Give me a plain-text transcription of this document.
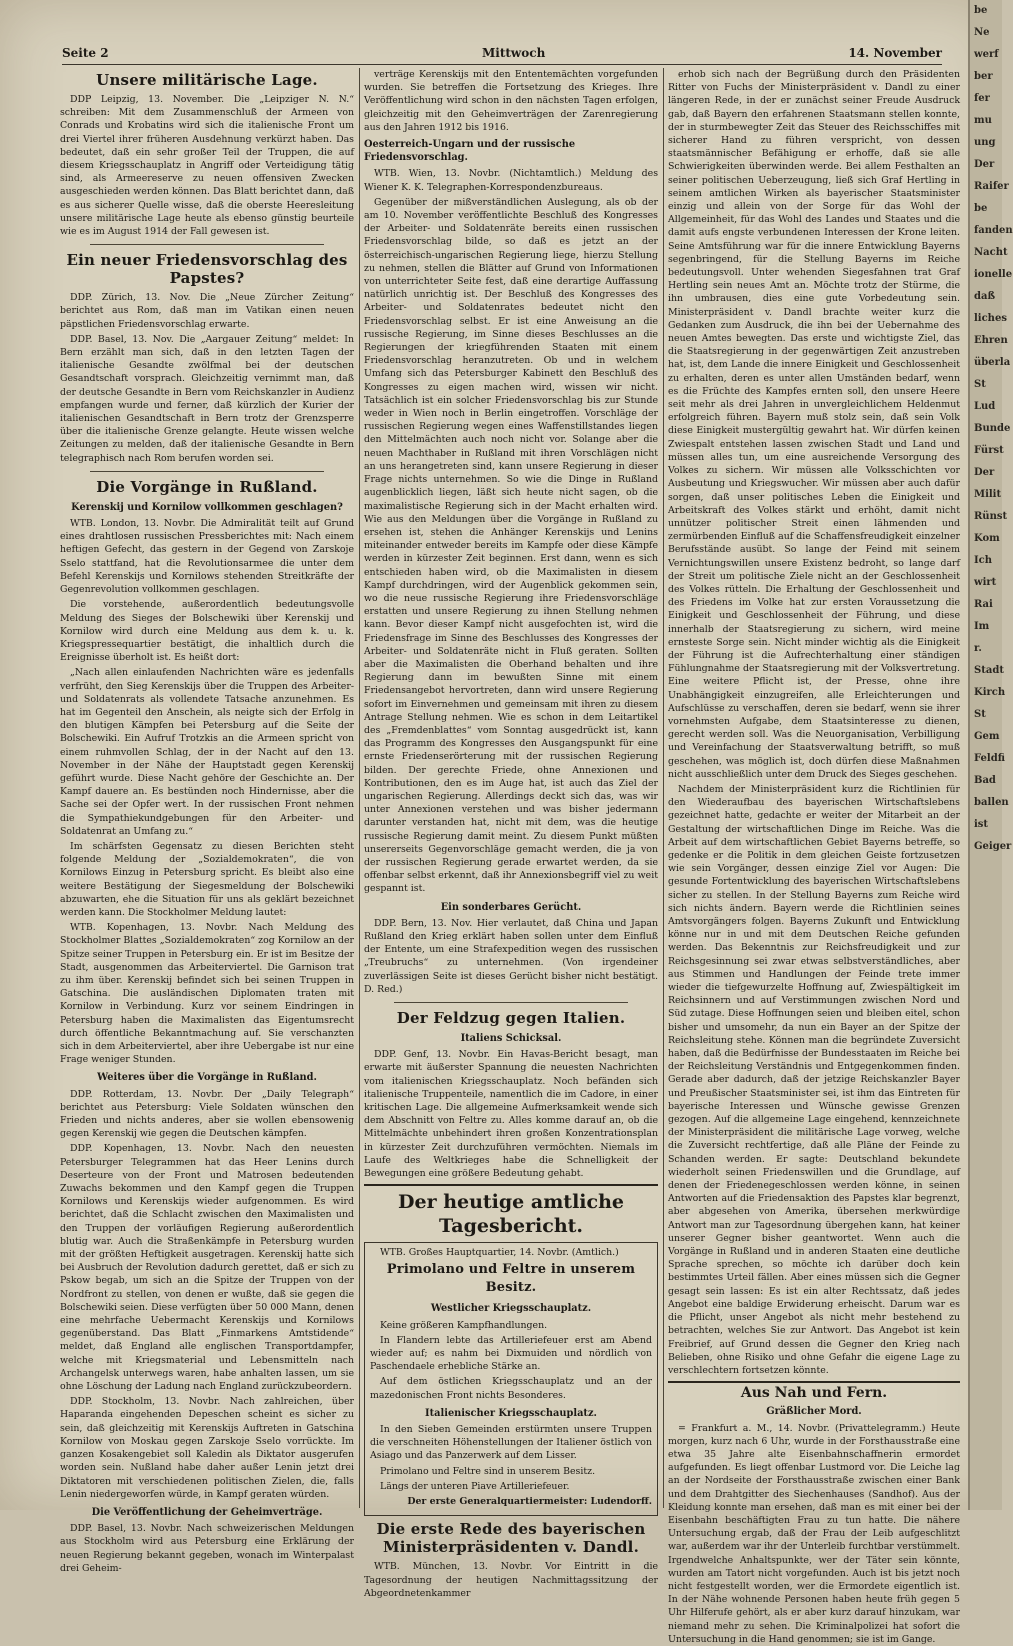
Seite 2	Mittwoch	14. November
Unsere militärische Lage.

DDP Leipzig, 13. November. Die „Leipziger N. N.“ schreiben: Mit dem Zusammenschluß der Armeen von Conrads und Krobatins wird sich die italienische Front um drei Viertel ihrer früheren Ausdehnung verkürzt haben. Das bedeutet, daß ein sehr großer Teil der Truppen, die auf diesem Kriegsschauplatz in Angriff oder Verteidigung tätig sind, als Armeereserve zu neuen offensiven Zwecken ausgeschieden werden können. Das Blatt berichtet dann, daß es aus sicherer Quelle wisse, daß die oberste Heeresleitung unsere militärische Lage heute als ebenso günstig beurteile wie es im August 1914 der Fall gewesen ist.

Ein neuer Friedensvorschlag des Papstes?

DDP. Zürich, 13. Nov. Die „Neue Zürcher Zeitung“ berichtet aus Rom, daß man im Vatikan einen neuen päpstlichen Friedensvorschlag erwarte.

DDP. Basel, 13. Nov. Die „Aargauer Zeitung“ meldet: In Bern erzählt man sich, daß in den letzten Tagen der italienische Gesandte zwölfmal bei der deutschen Gesandtschaft vorsprach. Gleichzeitig vernimmt man, daß der deutsche Gesandte in Bern vom Reichskanzler in Audienz empfangen wurde und ferner, daß kürzlich der Kurier der italienischen Gesandtschaft in Bern trotz der Grenzsperre über die italienische Grenze gelangte. Heute wissen welche Zeitungen zu melden, daß der italienische Gesandte in Bern telegraphisch nach Rom berufen worden sei.

Die Vorgänge in Rußland.
Kerenskij und Kornilow vollkommen geschlagen?

WTB. London, 13. Novbr. Die Admiralität teilt auf Grund eines drahtlosen russischen Pressberichtes mit: Nach einem heftigen Gefecht, das gestern in der Gegend von Zarskoje Sselo stattfand, hat die Revolutionsarmee die unter dem Befehl Kerenskijs und Kornilows stehenden Streitkräfte der Gegenrevolution vollkommen geschlagen.

Die vorstehende, außerordentlich bedeutungsvolle Meldung des Sieges der Bolschewiki über Kerenskij und Kornilow wird durch eine Meldung aus dem k. u. k. Kriegspressequartier bestätigt, die inhaltlich durch die Ereignisse überholt ist. Es heißt dort:

„Nach allen einlaufenden Nachrichten wäre es jedenfalls verfrüht, den Sieg Kerenskijs über die Truppen des Arbeiter- und Soldatenrats als vollendete Tatsache anzunehmen. Es hat im Gegenteil den Anschein, als neigte sich der Erfolg in den blutigen Kämpfen bei Petersburg auf die Seite der Bolschewiki. Ein Aufruf Trotzkis an die Armeen spricht von einem ruhmvollen Schlag, der in der Nacht auf den 13. November in der Nähe der Hauptstadt gegen Kerenskij geführt wurde. Diese Nacht gehöre der Geschichte an. Der Kampf dauere an. Es bestünden noch Hindernisse, aber die Sache sei der Opfer wert. In der russischen Front nehmen die Sympathiekundgebungen für den Arbeiter- und Soldatenrat an Umfang zu.“

Im schärfsten Gegensatz zu diesen Berichten steht folgende Meldung der „Sozialdemokraten“, die von Kornilows Einzug in Petersburg spricht. Es bleibt also eine weitere Bestätigung der Siegesmeldung der Bolschewiki abzuwarten, ehe die Situation für uns als geklärt bezeichnet werden kann. Die Stockholmer Meldung lautet:

WTB. Kopenhagen, 13. Novbr. Nach Meldung des Stockholmer Blattes „Sozialdemokraten“ zog Kornilow an der Spitze seiner Truppen in Petersburg ein. Er ist im Besitze der Stadt, ausgenommen das Arbeiterviertel. Die Garnison trat zu ihm über. Kerenskij befindet sich bei seinen Truppen in Gatschina. Die ausländischen Diplomaten traten mit Kornilow in Verbindung. Kurz vor seinem Eindringen in Petersburg haben die Maximalisten das Eigentumsrecht durch öffentliche Bekanntmachung auf. Sie verschanzten sich in dem Arbeiterviertel, aber ihre Uebergabe ist nur eine Frage weniger Stunden.

Weiteres über die Vorgänge in Rußland.

DDP. Rotterdam, 13. Novbr. Der „Daily Telegraph“ berichtet aus Petersburg: Viele Soldaten wünschen den Frieden und nichts anderes, aber sie wollen ebensowenig gegen Kerenskij wie gegen die Deutschen kämpfen.

DDP. Kopenhagen, 13. Novbr. Nach den neuesten Petersburger Telegrammen hat das Heer Lenins durch Deserteure von der Front und Matrosen bedeutenden Zuwachs bekommen und den Kampf gegen die Truppen Kornilows und Kerenskijs wieder aufgenommen. Es wird berichtet, daß die Schlacht zwischen den Maximalisten und den Truppen der vorläufigen Regierung außerordentlich blutig war. Auch die Straßenkämpfe in Petersburg wurden mit der größten Heftigkeit ausgetragen. Kerenskij hatte sich bei Ausbruch der Revolution dadurch gerettet, daß er sich zu Pskow begab, um sich an die Spitze der Truppen von der Nordfront zu stellen, von denen er wußte, daß sie gegen die Bolschewiki seien. Diese verfügten über 50 000 Mann, denen eine mehrfache Uebermacht Kerenskijs und Kornilows gegenüberstand. Das Blatt „Finmarkens Amtstidende“ meldet, daß England alle englischen Transportdampfer, welche mit Kriegsmaterial und Lebensmitteln nach Archangelsk unterwegs waren, habe anhalten lassen, um sie ohne Löschung der Ladung nach England zurückzubeordern.

DDP. Stockholm, 13. Novbr. Nach zahlreichen, über Haparanda eingehenden Depeschen scheint es sicher zu sein, daß gleichzeitig mit Kerenskijs Auftreten in Gatschina Kornilow von Moskau gegen Zarskoje Sselo vorrückte. Im ganzen Kosakengebiet soll Kaledin als Diktator ausgerufen worden sein. Nußland habe daher außer Lenin jetzt drei Diktatoren mit verschiedenen politischen Zielen, die, falls Lenin niedergeworfen würde, in Kampf geraten würden.

Die Veröffentlichung der Geheimverträge.

DDP. Basel, 13. Novbr. Nach schweizerischen Meldungen aus Stockholm wird aus Petersburg eine Erklärung der neuen Regierung bekannt gegeben, wonach im Winterpalast drei Geheim-

verträge Kerenskijs mit den Ententemächten vorgefunden wurden. Sie betreffen die Fortsetzung des Krieges. Ihre Veröffentlichung wird schon in den nächsten Tagen erfolgen, gleichzeitig mit den Geheimverträgen der Zarenregierung aus den Jahren 1912 bis 1916.

Oesterreich-Ungarn und der russische Friedensvorschlag.

WTB. Wien, 13. Novbr. (Nichtamtlich.) Meldung des Wiener K. K. Telegraphen-Korrespondenzbureaus.

Gegenüber der mißverständlichen Auslegung, als ob der am 10. November veröffentlichte Beschluß des Kongresses der Arbeiter- und Soldatenräte bereits einen russischen Friedensvorschlag bilde, so daß es jetzt an der österreichisch-ungarischen Regierung liege, hierzu Stellung zu nehmen, stellen die Blätter auf Grund von Informationen von unterrichteter Seite fest, daß eine derartige Auffassung natürlich unrichtig ist. Der Beschluß des Kongresses des Arbeiter- und Soldatenrates bedeutet nicht den Friedensvorschlag selbst. Er ist eine Anweisung an die russische Regierung, im Sinne dieses Beschlusses an die Regierungen der kriegführenden Staaten mit einem Friedensvorschlag heranzutreten. Ob und in welchem Umfang sich das Petersburger Kabinett den Beschluß des Kongresses zu eigen machen wird, wissen wir nicht. Tatsächlich ist ein solcher Friedensvorschlag bis zur Stunde weder in Wien noch in Berlin eingetroffen. Vorschläge der russischen Regierung wegen eines Waffenstillstandes liegen den Mittelmächten auch noch nicht vor. Solange aber die neuen Machthaber in Rußland mit ihren Vorschlägen nicht an uns herangetreten sind, kann unsere Regierung in dieser Frage nichts unternehmen. So wie die Dinge in Rußland augenblicklich liegen, läßt sich heute nicht sagen, ob die maximalistische Regierung sich in der Macht erhalten wird. Wie aus den Meldungen über die Vorgänge in Rußland zu ersehen ist, stehen die Anhänger Kerenskijs und Lenins miteinander entweder bereits im Kampfe oder diese Kämpfe werden in kürzester Zeit beginnen. Erst dann, wenn es sich entschieden haben wird, ob die Maximalisten in diesem Kampf durchdringen, wird der Augenblick gekommen sein, wo die neue russische Regierung ihre Friedensvorschläge erstatten und unsere Regierung zu ihnen Stellung nehmen kann. Bevor dieser Kampf nicht ausgefochten ist, wird die Friedensfrage im Sinne des Beschlusses des Kongresses der Arbeiter- und Soldatenräte nicht in Fluß geraten. Sollten aber die Maximalisten die Oberhand behalten und ihre Regierung dann im bewußten Sinne mit einem Friedensangebot hervortreten, dann wird unsere Regierung sofort im Einvernehmen und gemeinsam mit ihren zu diesem Antrage Stellung nehmen. Wie es schon in dem Leitartikel des „Fremdenblattes“ vom Sonntag ausgedrückt ist, kann das Programm des Kongresses den Ausgangspunkt für eine ernste Friedenserörterung mit der russischen Regierung bilden. Der gerechte Friede, ohne Annexionen und Kontributionen, den es im Auge hat, ist auch das Ziel der ungarischen Regierung. Allerdings deckt sich das, was wir unter Annexionen verstehen und was bisher jedermann darunter verstanden hat, nicht mit dem, was die heutige russische Regierung damit meint. Zu diesem Punkt müßten unsererseits Gegenvorschläge gemacht werden, die ja von der russischen Regierung gerade erwartet werden, da sie offenbar selbst erkennt, daß ihr Annexionsbegriff viel zu weit gespannt ist.

Ein sonderbares Gerücht.

DDP. Bern, 13. Nov. Hier verlautet, daß China und Japan Rußland den Krieg erklärt haben sollen unter dem Einfluß der Entente, um eine Strafexpedition wegen des russischen „Treubruchs“ zu unternehmen. (Von irgendeiner zuverlässigen Seite ist dieses Gerücht bisher nicht bestätigt. D. Red.)

Der Feldzug gegen Italien.
Italiens Schicksal.

DDP. Genf, 13. Novbr. Ein Havas-Bericht besagt, man erwarte mit äußerster Spannung die neuesten Nachrichten vom italienischen Kriegsschauplatz. Noch befänden sich italienische Truppenteile, namentlich die im Cadore, in einer kritischen Lage. Die allgemeine Aufmerksamkeit wende sich dem Abschnitt von Feltre zu. Alles komme darauf an, ob die Mittelmächte unbehindert ihren großen Konzentrationsplan in kürzester Zeit durchzuführen vermöchten. Niemals im Laufe des Weltkrieges habe die Schnelligkeit der Bewegungen eine größere Bedeutung gehabt.

Der heutige amtliche Tagesbericht.

WTB. Großes Hauptquartier, 14. Novbr. (Amtlich.)

Primolano und Feltre in unserem Besitz.
Westlicher Kriegsschauplatz.

Keine größeren Kampfhandlungen.

In Flandern lebte das Artilleriefeuer erst am Abend wieder auf; es nahm bei Dixmuiden und nördlich von Paschendaele erhebliche Stärke an.

Auf dem östlichen Kriegsschauplatz und an der mazedonischen Front nichts Besonderes.

Italienischer Kriegsschauplatz.

In den Sieben Gemeinden erstürmten unsere Truppen die verschneiten Höhenstellungen der Italiener östlich von Asiago und das Panzerwerk auf dem Lisser.

Primolano und Feltre sind in unserem Besitz.

Längs der unteren Piave Artilleriefeuer.

Der erste Generalquartiermeister: Ludendorff.
Die erste Rede des bayerischen Ministerpräsidenten v. Dandl.

WTB. München, 13. Novbr. Vor Eintritt in die Tagesordnung der heutigen Nachmittagssitzung der Abgeordnetenkammer

erhob sich nach der Begrüßung durch den Präsidenten Ritter von Fuchs der Ministerpräsident v. Dandl zu einer längeren Rede, in der er zunächst seiner Freude Ausdruck gab, daß Bayern den erfahrenen Staatsmann stellen konnte, der in sturmbewegter Zeit das Steuer des Reichsschiffes mit sicherer Hand zu führen verspricht, von dessen staatsmännischer Befähigung er erhoffe, daß sie alle Schwierigkeiten überwinden werde. Bei allem Festhalten an seiner politischen Ueberzeugung, ließ sich Graf Hertling in seinem amtlichen Wirken als bayerischer Staatsminister einzig und allein von der Sorge für das Wohl der Allgemeinheit, für das Wohl des Landes und Staates und die damit aufs engste verbundenen Interessen der Krone leiten. Seine Amtsführung war für die innere Entwicklung Bayerns segenbringend, für die Stellung Bayerns im Reiche bedeutungsvoll. Unter wehenden Siegesfahnen trat Graf Hertling sein neues Amt an. Möchte trotz der Stürme, die ihn umbrausen, dies eine gute Vorbedeutung sein. Ministerpräsident v. Dandl brachte weiter kurz die Gedanken zum Ausdruck, die ihn bei der Uebernahme des neuen Amtes bewegten. Das erste und wichtigste Ziel, das die Staatsregierung in der gegenwärtigen Zeit anzustreben hat, ist, dem Lande die innere Einigkeit und Geschlossenheit zu erhalten, deren es unter allen Umständen bedarf, wenn es die Früchte des Kampfes ernten soll, den unsere Heere seit mehr als drei Jahren in unvergleichlichem Heldenmut erfolgreich führen. Bayern muß stolz sein, daß sein Volk diese Einigkeit mustergültig gewahrt hat. Wir dürfen keinen Zwiespalt entstehen lassen zwischen Stadt und Land und müssen alles tun, um eine ausreichende Versorgung des Volkes zu sichern. Wir müssen alle Volksschichten vor Ausbeutung und Kriegswucher. Wir müssen aber auch dafür sorgen, daß unser politisches Leben die Einigkeit und Arbeitskraft des Volkes stärkt und erhöht, damit nicht unnützer politischer Streit einen lähmenden und zermürbenden Einfluß auf die Schaffensfreudigkeit einzelner Berufsstände ausübt. So lange der Feind mit seinem Vernichtungswillen unsere Existenz bedroht, so lange darf der Streit um politische Ziele nicht an der Geschlossenheit des Volkes rütteln. Die Erhaltung der Geschlossenheit und des Friedens im Volke hat zur ersten Voraussetzung die Einigkeit und Geschlossenheit der Führung, und diese innerhalb der Staatsregierung zu sichern, wird meine ernsteste Sorge sein. Nicht minder wichtig als die Einigkeit der Führung ist die Aufrechterhaltung einer ständigen Fühlungnahme der Staatsregierung mit der Volksvertretung. Eine weitere Pflicht ist, der Presse, ohne ihre Unabhängigkeit einzugreifen, alle Erleichterungen und Aufschlüsse zu verschaffen, deren sie bedarf, wenn sie ihrer vornehmsten Aufgabe, dem Staatsinteresse zu dienen, gerecht werden soll. Was die Neuorganisation, Verbilligung und Vereinfachung der Staatsverwaltung betrifft, so muß geschehen, was möglich ist, doch dürfen diese Maßnahmen nicht ausschließlich unter dem Druck des Sieges geschehen.

Nachdem der Ministerpräsident kurz die Richtlinien für den Wiederaufbau des bayerischen Wirtschaftslebens gezeichnet hatte, gedachte er weiter der Mitarbeit an der Gestaltung der wirtschaftlichen Dinge im Reiche. Was die Arbeit auf dem wirtschaftlichen Gebiet Bayerns betreffe, so gedenke er die Politik in dem gleichen Geiste fortzusetzen wie sein Vorgänger, dessen einzige Ziel vor Augen: Die gesunde Fortentwicklung des bayerischen Wirtschaftslebens sicher zu stellen. In der Stellung Bayerns zum Reiche wird sich nichts ändern. Bayern werde die Richtlinien seines Amtsvorgängers folgen. Bayerns Zukunft und Entwicklung könne nur in und mit dem Deutschen Reiche gefunden werden. Das Bekenntnis zur Reichsfreudigkeit und zur Reichsgesinnung sei zwar etwas selbstverständliches, aber aus Stimmen und Handlungen der Feinde trete immer wieder die tiefgewurzelte Hoffnung auf, Zwiespältigkeit im Reichsinnern und auf Verstimmungen zwischen Nord und Süd zutage. Diese Hoffnungen seien und bleiben eitel, schon bisher und umsomehr, da nun ein Bayer an der Spitze der Reichsleitung stehe. Können man die begründete Zuversicht haben, daß die Bedürfnisse der Bundesstaaten im Reiche bei der Reichsleitung Verständnis und Entgegenkommen finden. Gerade aber dadurch, daß der jetzige Reichskanzler Bayer und Preußischer Staatsminister sei, ist ihm das Eintreten für bayerische Interessen und Wünsche gewisse Grenzen gezogen. Auf die allgemeine Lage eingehend, kennzeichnete der Ministerpräsident die militärische Lage vorweg, welche die Zuversicht rechtfertige, daß alle Pläne der Feinde zu Schanden werden. Er sagte: Deutschland bekundete wiederholt seinen Friedenswillen und die Grundlage, auf denen der Friedenegeschlossen werden könne, in seinen Antworten auf die Friedensaktion des Papstes klar begrenzt, aber abgesehen von Amerika, übersehen merkwürdige Antwort man zur Tagesordnung übergehen kann, hat keiner unserer Gegner bisher geantwortet. Wenn auch die Vorgänge in Rußland und in anderen Staaten eine deutliche Sprache sprechen, so möchte ich darüber doch kein bestimmtes Urteil fällen. Aber eines müssen sich die Gegner gesagt sein lassen: Es ist ein alter Rechtssatz, daß jedes Angebot eine baldige Erwiderung erheischt. Darum war es die Pflicht, unser Angebot als nicht mehr bestehend zu betrachten, welches Sie zur Antwort. Das Angebot ist kein Freibrief, auf Grund dessen die Gegner den Krieg nach Belieben, ohne Risiko und ohne Gefahr die eigene Lage zu verschlechtern fortsetzen könnte.

Aus Nah und Fern.
Gräßlicher Mord.

= Frankfurt a. M., 14. Novbr. (Privattelegramm.) Heute morgen, kurz nach 6 Uhr, wurde in der Forsthausstraße eine etwa 35 Jahre alte Eisenbahnschaffnerin ermordet aufgefunden. Es liegt offenbar Lustmord vor. Die Leiche lag an der Nordseite der Forsthausstraße zwischen einer Bank und dem Drahtgitter des Siechenhauses (Sandhof). Aus der Kleidung konnte man ersehen, daß man es mit einer bei der Eisenbahn beschäftigten Frau zu tun hatte. Die nähere Untersuchung ergab, daß der Frau der Leib aufgeschlitzt war, außerdem war ihr der Unterleib furchtbar verstümmelt. Irgendwelche Anhaltspunkte, wer der Täter sein könnte, wurden am Tatort nicht vorgefunden. Auch ist bis jetzt noch nicht festgestellt worden, wer die Ermordete eigentlich ist. In der Nähe wohnende Personen haben heute früh gegen 5 Uhr Hilferufe gehört, als er aber kurz darauf hinzukam, war niemand mehr zu sehen. Die Kriminalpolizei hat sofort die Untersuchung in die Hand genommen; sie ist im Gange.

be
Ne
werf
ber
fer
mu
ung
Der
Raifer
be
fanden
Nacht
ionelle
daß
liches
Ehren
überla
St
Lud
Bunde
Fürst
Der
Milit
Rünst
Kom
Ich
wirt
Rai
Im
r.
Stadt
Kirch
St
Gem
Feldfi
Bad
ballen
ist
Geiger
